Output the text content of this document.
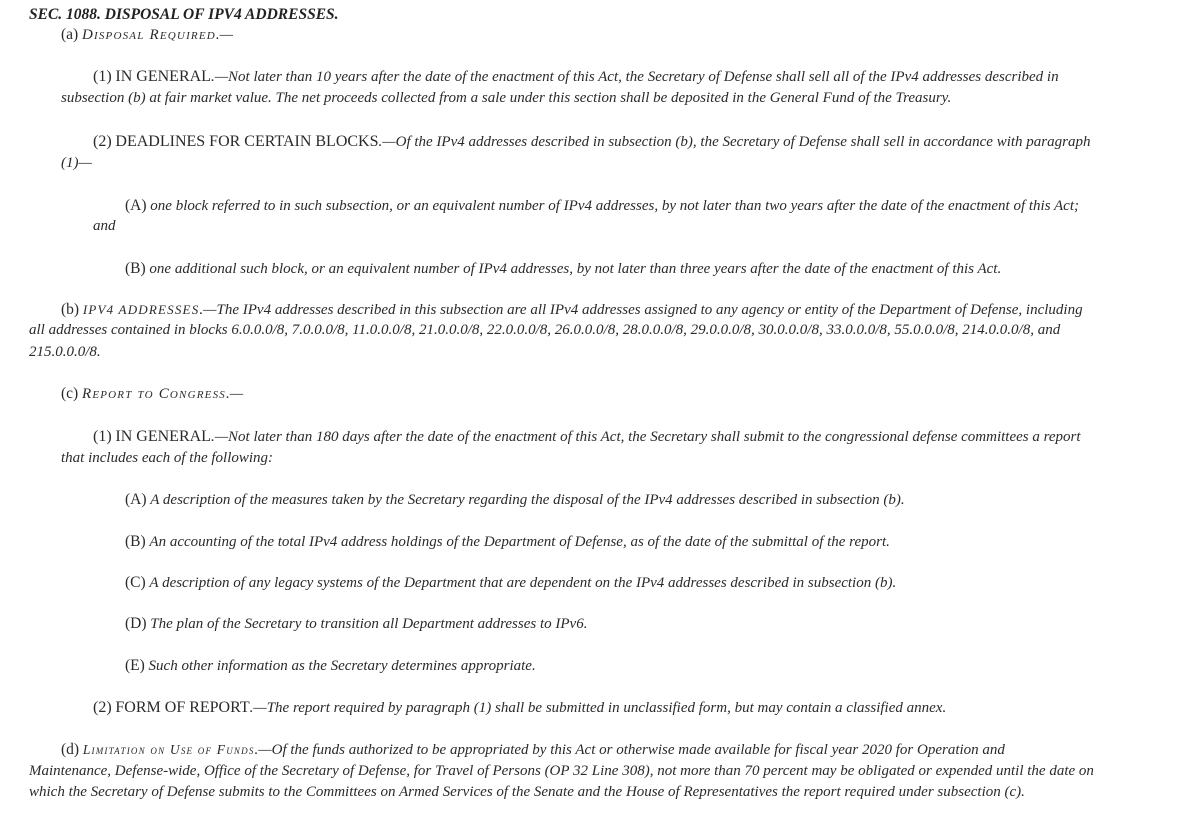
SEC. 1088. DISPOSAL OF IPV4 ADDRESSES.
(a) Disposal Required.—
(1) IN GENERAL.—Not later than 10 years after the date of the enactment of this Act, the Secretary of Defense shall sell all of the IPv4 addresses described in
subsection (b) at fair market value. The net proceeds collected from a sale under this section shall be deposited in the General Fund of the Treasury.
(2) DEADLINES FOR CERTAIN BLOCKS.—Of the IPv4 addresses described in subsection (b), the Secretary of Defense shall sell in accordance with paragraph
(1)—
(A) one block referred to in such subsection, or an equivalent number of IPv4 addresses, by not later than two years after the date of the enactment of this Act;
and
(B) one additional such block, or an equivalent number of IPv4 addresses, by not later than three years after the date of the enactment of this Act.
(b) IPV4 ADDRESSES.—The IPv4 addresses described in this subsection are all IPv4 addresses assigned to any agency or entity of the Department of Defense, including
all addresses contained in blocks 6.0.0.0/8, 7.0.0.0/8, 11.0.0.0/8, 21.0.0.0/8, 22.0.0.0/8, 26.0.0.0/8, 28.0.0.0/8, 29.0.0.0/8, 30.0.0.0/8, 33.0.0.0/8, 55.0.0.0/8, 214.0.0.0/8, and
215.0.0.0/8.
(c) Report to Congress.—
(1) IN GENERAL.—Not later than 180 days after the date of the enactment of this Act, the Secretary shall submit to the congressional defense committees a report
that includes each of the following:
(A) A description of the measures taken by the Secretary regarding the disposal of the IPv4 addresses described in subsection (b).
(B) An accounting of the total IPv4 address holdings of the Department of Defense, as of the date of the submittal of the report.
(C) A description of any legacy systems of the Department that are dependent on the IPv4 addresses described in subsection (b).
(D) The plan of the Secretary to transition all Department addresses to IPv6.
(E) Such other information as the Secretary determines appropriate.
(2) FORM OF REPORT.—The report required by paragraph (1) shall be submitted in unclassified form, but may contain a classified annex.
(d) Limitation on Use of Funds.—Of the funds authorized to be appropriated by this Act or otherwise made available for fiscal year 2020 for Operation and
Maintenance, Defense-wide, Office of the Secretary of Defense, for Travel of Persons (OP 32 Line 308), not more than 70 percent may be obligated or expended until the date on
which the Secretary of Defense submits to the Committees on Armed Services of the Senate and the House of Representatives the report required under subsection (c).
